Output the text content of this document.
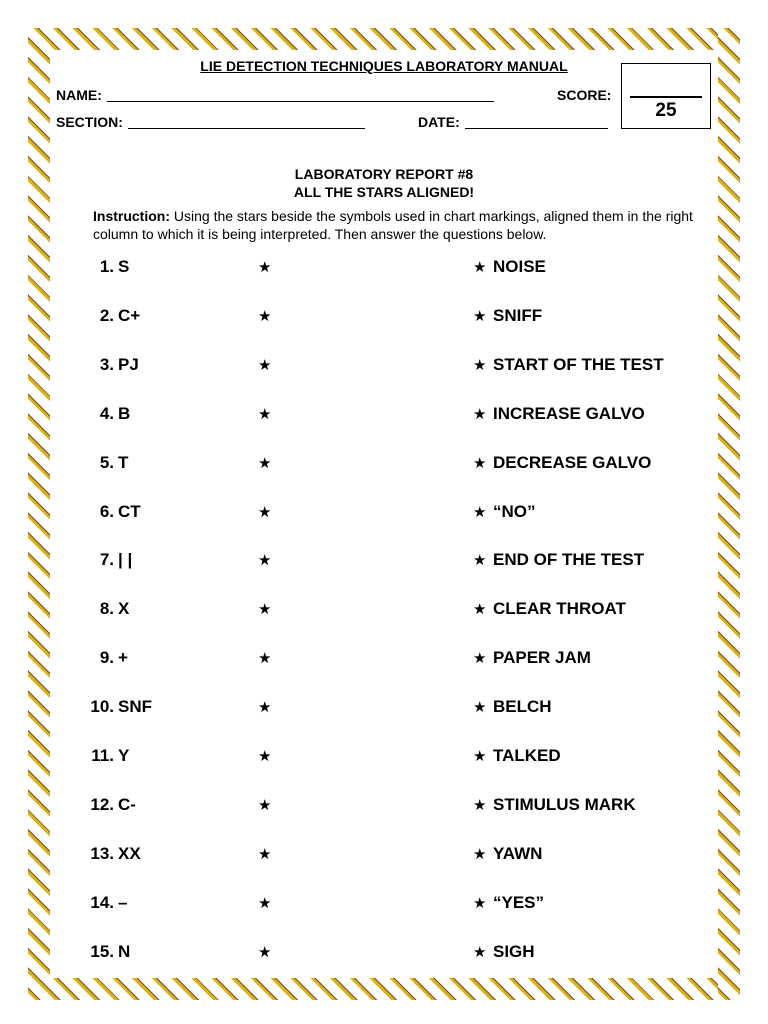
LIE DETECTION TECHNIQUES LABORATORY MANUAL
NAME:	SCORE:
SECTION:	DATE:
25
LABORATORY REPORT #8
ALL THE STARS ALIGNED!
Instruction: Using the stars beside the symbols used in chart markings, aligned them in the right column to which it is being interpreted. Then answer the questions below.
1. S	★	★ NOISE
2. C+	★	★ SNIFF
3. PJ	★	★ START OF THE TEST
4. B	★	★ INCREASE GALVO
5. T	★	★ DECREASE GALVO
6. CT	★	★ “NO”
7. | |	★	★ END OF THE TEST
8. X	★	★ CLEAR THROAT
9. +	★	★ PAPER JAM
10. SNF	★	★ BELCH
11. Y	★	★ TALKED
12. C-	★	★ STIMULUS MARK
13. XX	★	★ YAWN
14. –	★	★ “YES”
15. N	★	★ SIGH
